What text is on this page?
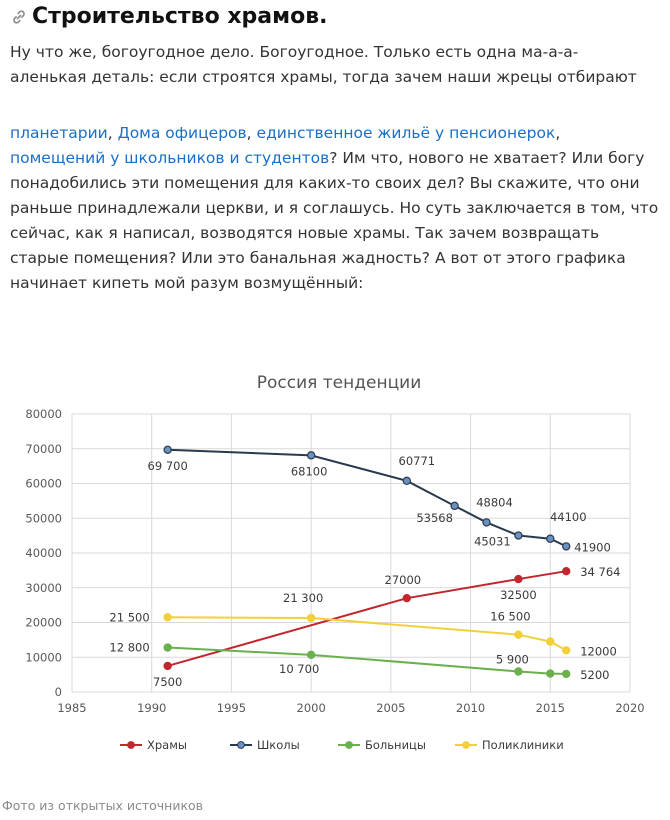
Строительство храмов.
Ну что же, богоугодное дело. Богоугодное. Только есть одна ма-а-а-
аленькая деталь: если строятся храмы, тогда зачем наши жрецы отбирают
планетарии, Дома офицеров, единственное жильё у пенсионерок, помещений у школьников и студентов? Им что, нового не хватает? Или богу понадобились эти помещения для каких-то своих дел? Вы скажите, что они раньше принадлежали церкви, и я соглашусь. Но суть заключается в том, что сейчас, как я написал, возводятся новые храмы. Так зачем возвращать старые помещения? Или это банальная жадность? А вот от этого графика начинает кипеть мой разум возмущённый:
Россия тенденции
0
10000
20000
30000
40000
50000
60000
70000
80000
1985	1990	1995	2000	2005	2010	2015	2020
7500
27000
32500
34 764
69 700	68100
60771
53568
48804
45031
44100
41900
12 800
10 700
5 900
5200
21 500
21 300
16 500
12000
Храмы	Школы	Больницы	Поликлиники
Фото из открытых источников
